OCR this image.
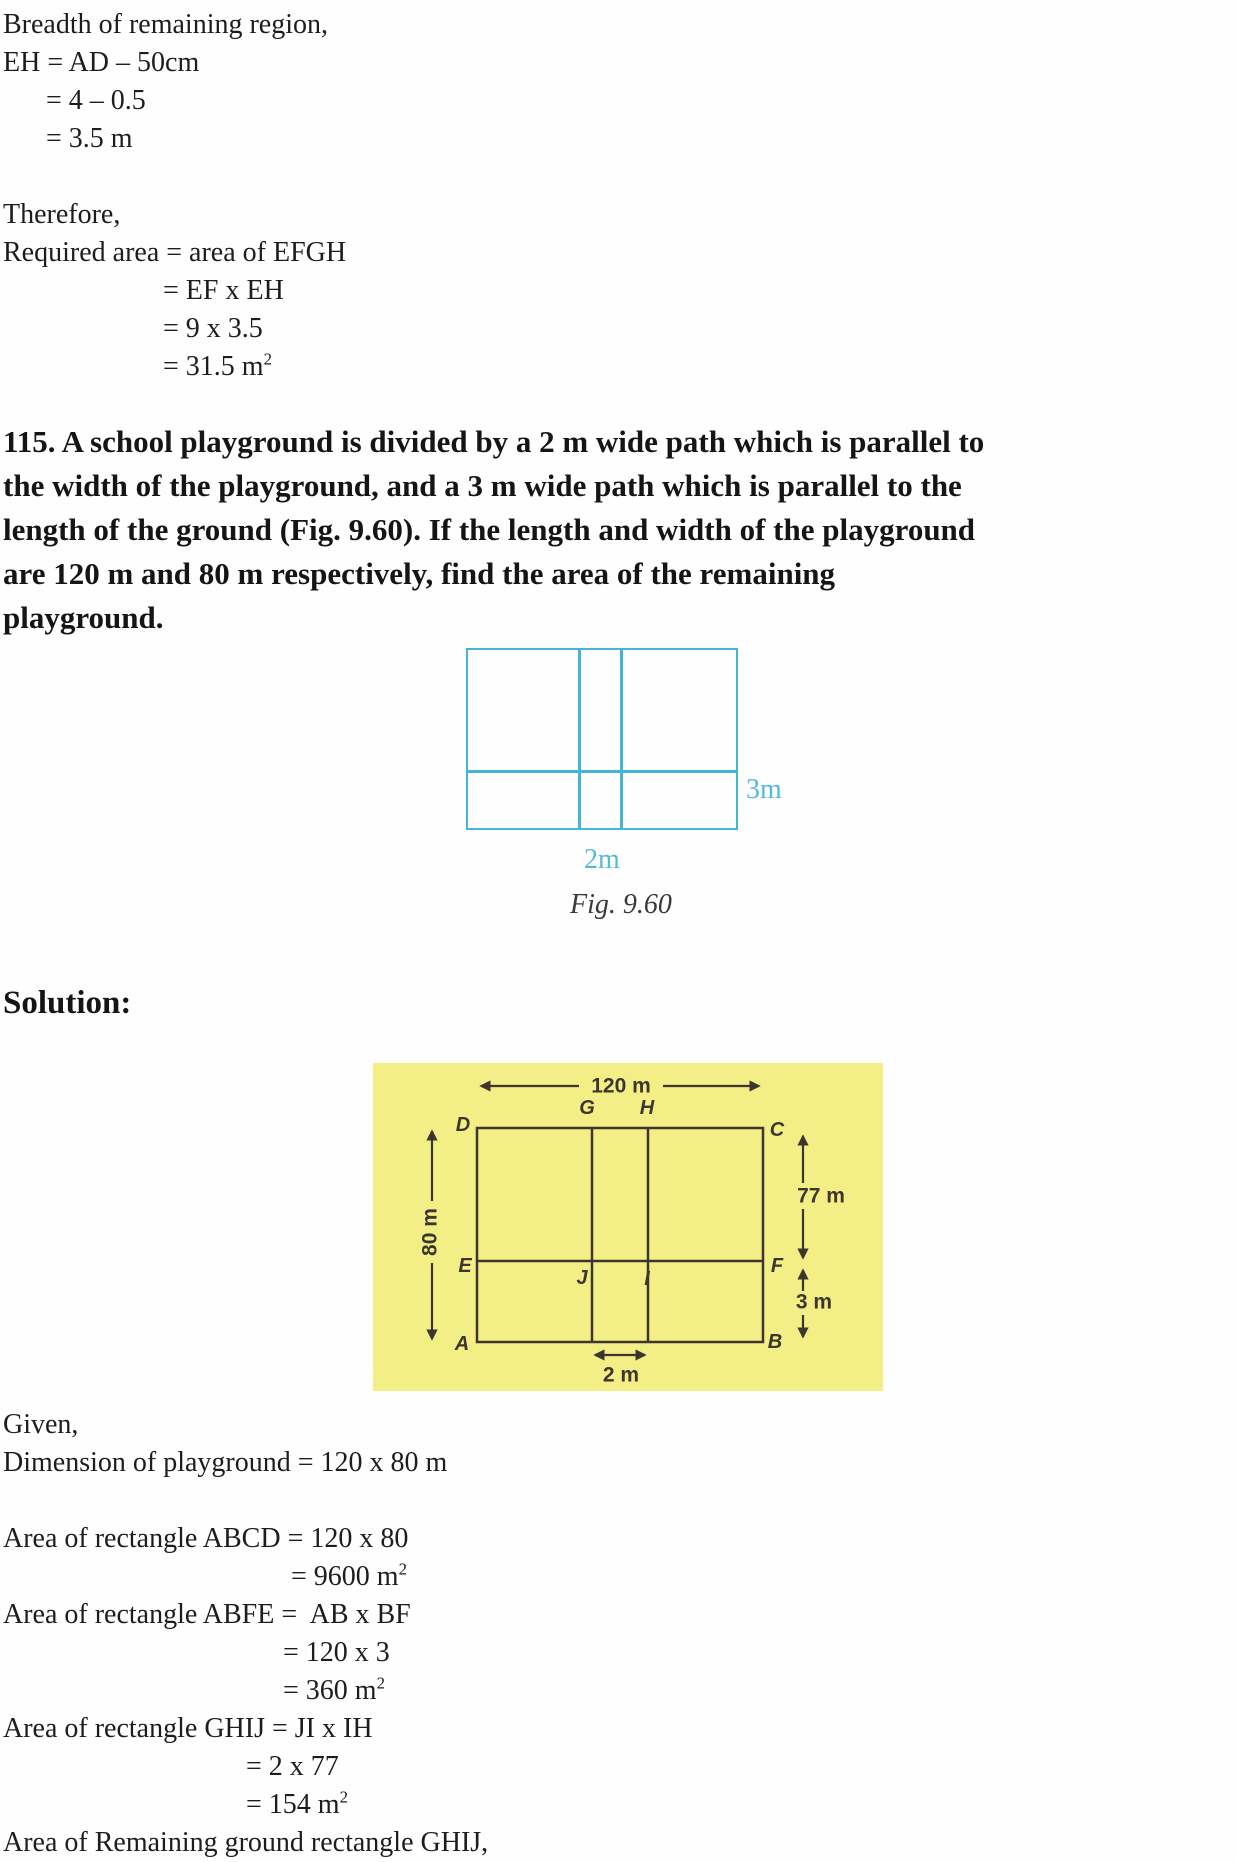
Breadth of remaining region,
EH = AD – 50cm
= 4 – 0.5
= 3.5 m
Therefore,
Required area = area of EFGH
= EF x EH
= 9 x 3.5
= 31.5 $m^2$
115. A school playground is divided by a 2 m wide path which is parallel to
the width of the playground, and a 3 m wide path which is parallel to the
length of the ground (Fig. 9.60). If the length and width of the playground
are 120 m and 80 m respectively, find the area of the remaining
playground.
3m
2m
Fig. 9.60
Solution:
120 m
80 m
77 m
3 m
2 m
D
G H
C
E
J	I
F
A	B
Given,
Dimension of playground = 120 x 80 m
Area of rectangle ABCD = 120 x 80
= 9600 $m^2$
Area of rectangle ABFE =  AB x BF
= 120 x 3
= 360 $m^2$
Area of rectangle GHIJ = JI x IH
= 2 x 77
= 154 $m^2$
Area of Remaining ground rectangle GHIJ,
